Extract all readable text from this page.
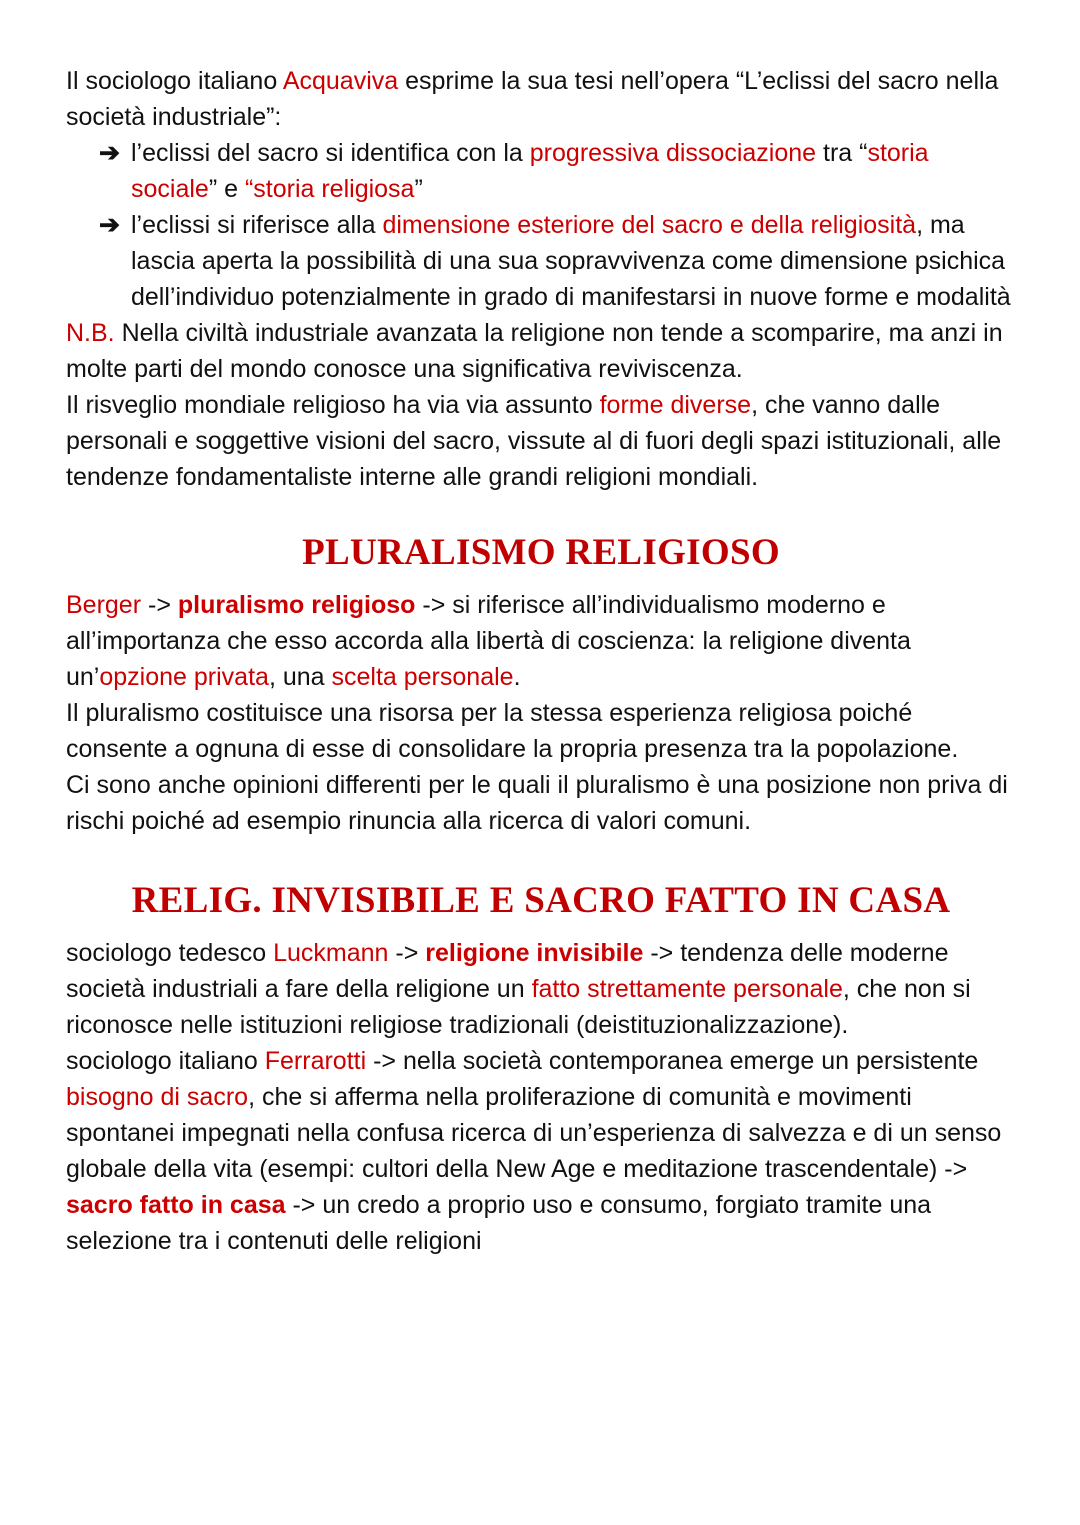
Il sociologo italiano Acquaviva esprime la sua tesi nell’opera “L’eclissi del sacro nella società industriale”:

➔ l’eclissi del sacro si identifica con la progressiva dissociazione tra “storia sociale” e “storia religiosa”

➔ l’eclissi si riferisce alla dimensione esteriore del sacro e della religiosità, ma lascia aperta la possibilità di una sua sopravvivenza come dimensione psichica dell’individuo potenzialmente in grado di manifestarsi in nuove forme e modalità

N.B. Nella civiltà industriale avanzata la religione non tende a scomparire, ma anzi in molte parti del mondo conosce una significativa reviviscenza.

Il risveglio mondiale religioso ha via via assunto forme diverse, che vanno dalle personali e soggettive visioni del sacro, vissute al di fuori degli spazi istituzionali, alle tendenze fondamentaliste interne alle grandi religioni mondiali.

PLURALISMO RELIGIOSO

Berger -> pluralismo religioso -> si riferisce all’individualismo moderno e all’importanza che esso accorda alla libertà di coscienza: la religione diventa un’opzione privata, una scelta personale.

Il pluralismo costituisce una risorsa per la stessa esperienza religiosa poiché consente a ognuna di esse di consolidare la propria presenza tra la popolazione.

Ci sono anche opinioni differenti per le quali il pluralismo è una posizione non priva di rischi poiché ad esempio rinuncia alla ricerca di valori comuni.

RELIG. INVISIBILE E SACRO FATTO IN CASA

sociologo tedesco Luckmann -> religione invisibile -> tendenza delle moderne società industriali a fare della religione un fatto strettamente personale, che non si riconosce nelle istituzioni religiose tradizionali (deistituzionalizzazione).

sociologo italiano Ferrarotti -> nella società contemporanea emerge un persistente bisogno di sacro, che si afferma nella proliferazione di comunità e movimenti spontanei impegnati nella confusa ricerca di un’esperienza di salvezza e di un senso globale della vita (esempi: cultori della New Age e meditazione trascendentale) -> sacro fatto in casa -> un credo a proprio uso e consumo, forgiato tramite una selezione tra i contenuti delle religioni
